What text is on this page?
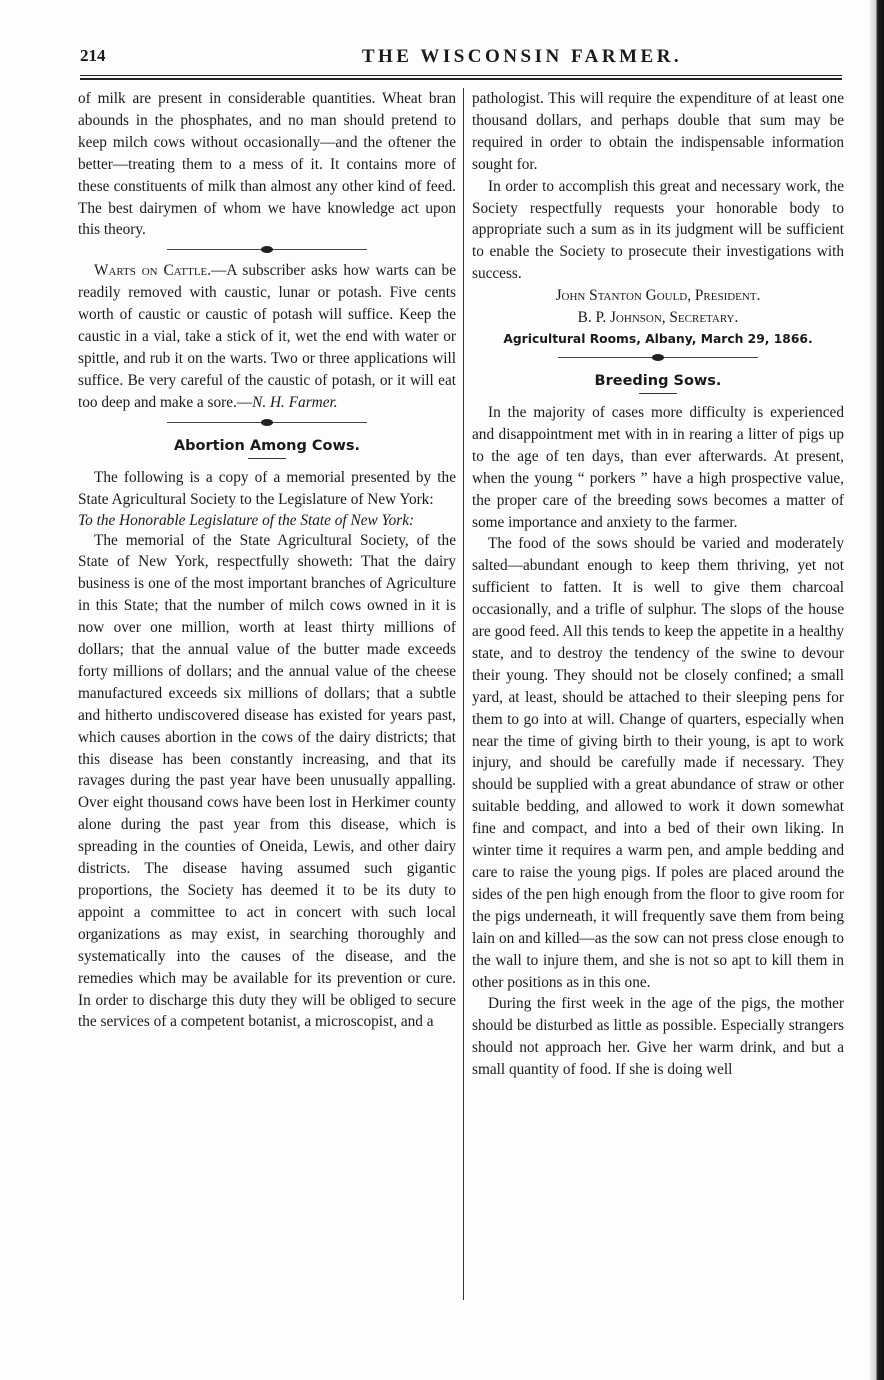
214	THE WISCONSIN FARMER.

of milk are present in considerable quantities. Wheat bran abounds in the phosphates, and no man should pretend to keep milch cows without occasionally—and the oftener the better—treating them to a mess of it. It contains more of these constituents of milk than almost any other kind of feed. The best dairymen of whom we have knowledge act upon this theory.

Warts on Cattle.—A subscriber asks how warts can be readily removed with caustic, lunar or potash. Five cents worth of caustic or caustic of potash will suffice. Keep the caustic in a vial, take a stick of it, wet the end with water or spittle, and rub it on the warts. Two or three applications will suffice. Be very careful of the caustic of potash, or it will eat too deep and make a sore.—N. H. Farmer.

Abortion Among Cows.

The following is a copy of a memorial presented by the State Agricultural Society to the Legislature of New York:

To the Honorable Legislature of the State of New York:

The memorial of the State Agricultural Society, of the State of New York, respectfully showeth: That the dairy business is one of the most important branches of Agriculture in this State; that the number of milch cows owned in it is now over one million, worth at least thirty millions of dollars; that the annual value of the butter made exceeds forty millions of dollars; and the annual value of the cheese manufactured exceeds six millions of dollars; that a subtle and hitherto undiscovered disease has existed for years past, which causes abortion in the cows of the dairy districts; that this disease has been constantly increasing, and that its ravages during the past year have been unusually appalling. Over eight thousand cows have been lost in Herkimer county alone during the past year from this disease, which is spreading in the counties of Oneida, Lewis, and other dairy districts. The disease having assumed such gigantic proportions, the Society has deemed it to be its duty to appoint a committee to act in concert with such local organizations as may exist, in searching thoroughly and systematically into the causes of the disease, and the remedies which may be available for its prevention or cure. In order to discharge this duty they will be obliged to secure the services of a competent botanist, a microscopist, and a

pathologist. This will require the expenditure of at least one thousand dollars, and perhaps double that sum may be required in order to obtain the indispensable information sought for.

In order to accomplish this great and necessary work, the Society respectfully requests your honorable body to appropriate such a sum as in its judgment will be sufficient to enable the Society to prosecute their investigations with success.

John Stanton Gould, President.
B. P. Johnson, Secretary.
Agricultural Rooms, Albany, March 29, 1866.
Breeding Sows.

In the majority of cases more difficulty is experienced and disappointment met with in in rearing a litter of pigs up to the age of ten days, than ever afterwards. At present, when the young “ porkers ” have a high prospective value, the proper care of the breeding sows becomes a matter of some importance and anxiety to the farmer.

The food of the sows should be varied and moderately salted—abundant enough to keep them thriving, yet not sufficient to fatten. It is well to give them charcoal occasionally, and a trifle of sulphur. The slops of the house are good feed. All this tends to keep the appetite in a healthy state, and to destroy the tendency of the swine to devour their young. They should not be closely confined; a small yard, at least, should be attached to their sleeping pens for them to go into at will. Change of quarters, especially when near the time of giving birth to their young, is apt to work injury, and should be carefully made if necessary. They should be supplied with a great abundance of straw or other suitable bedding, and allowed to work it down somewhat fine and compact, and into a bed of their own liking. In winter time it requires a warm pen, and ample bedding and care to raise the young pigs. If poles are placed around the sides of the pen high enough from the floor to give room for the pigs underneath, it will frequently save them from being lain on and killed—as the sow can not press close enough to the wall to injure them, and she is not so apt to kill them in other positions as in this one.

During the first week in the age of the pigs, the mother should be disturbed as little as possible. Especially strangers should not approach her. Give her warm drink, and but a small quantity of food. If she is doing well
